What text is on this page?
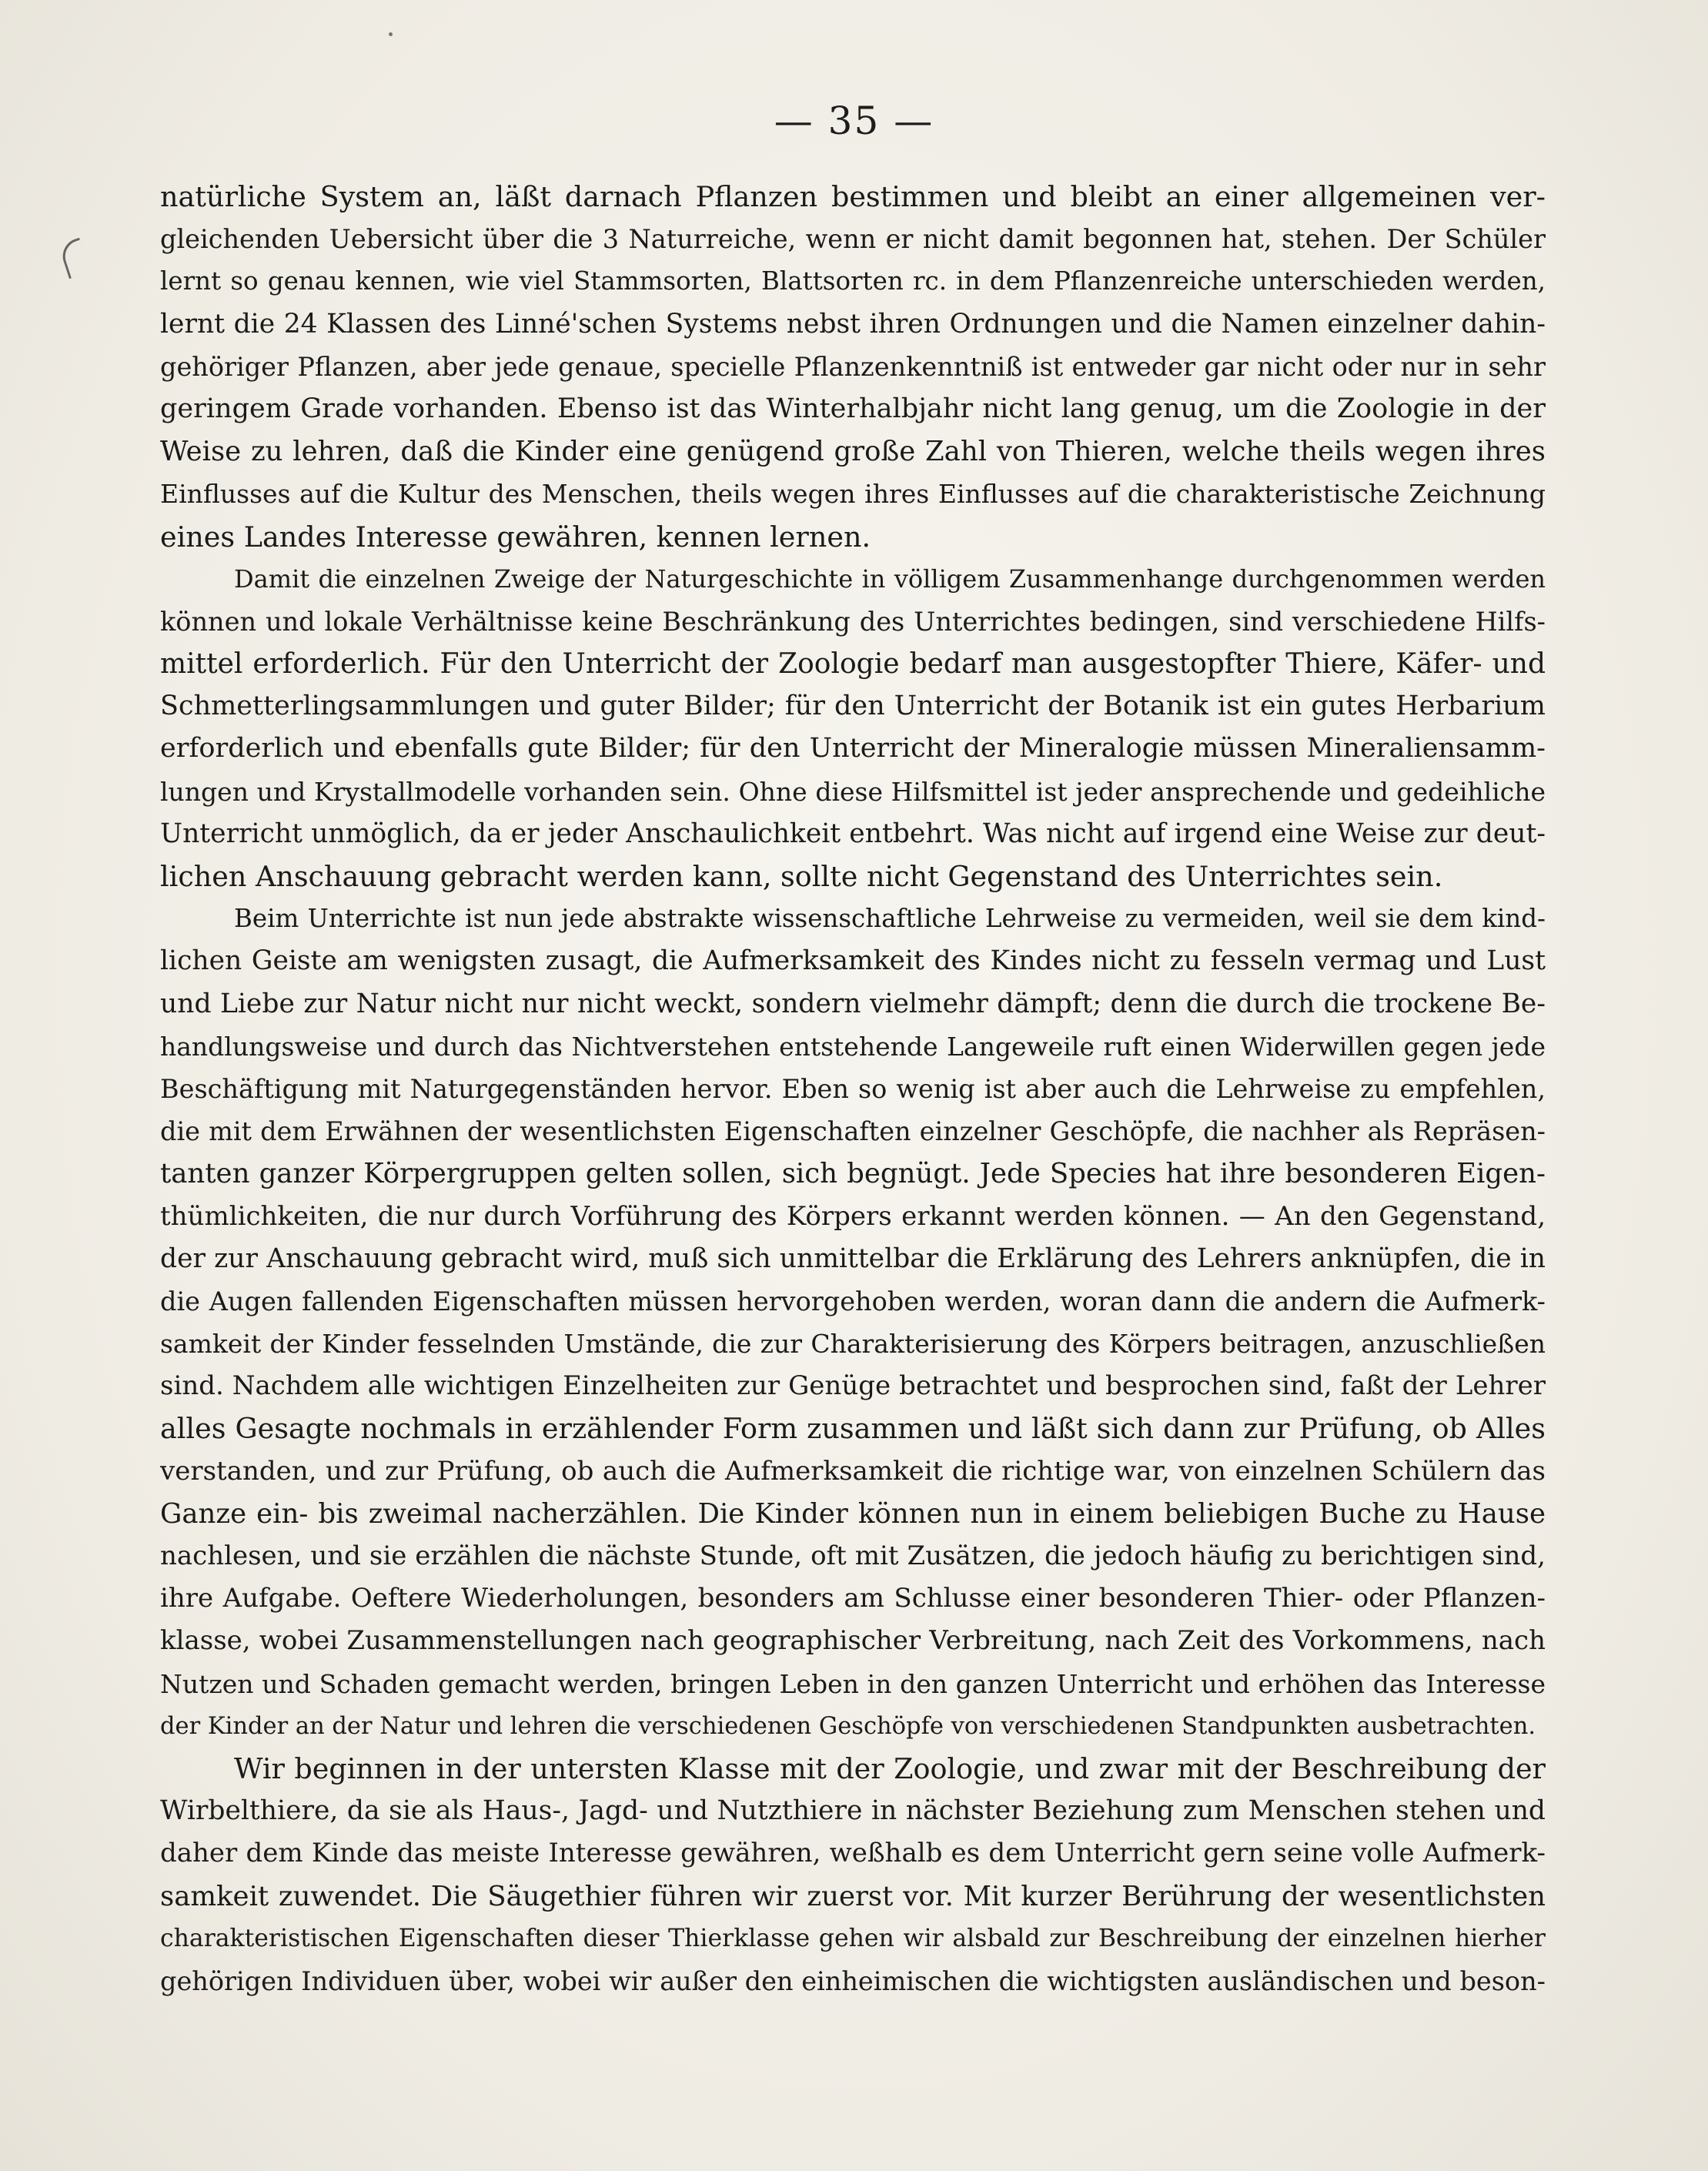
— 35 —
natürliche System an, läßt darnach Pflanzen bestimmen und bleibt an einer allgemeinen ver-
gleichenden Uebersicht über die 3 Naturreiche, wenn er nicht damit begonnen hat, stehen. Der Schüler
lernt so genau kennen, wie viel Stammsorten, Blattsorten rc. in dem Pflanzenreiche unterschieden werden,
lernt die 24 Klassen des Linné'schen Systems nebst ihren Ordnungen und die Namen einzelner dahin-
gehöriger Pflanzen, aber jede genaue, specielle Pflanzenkenntniß ist entweder gar nicht oder nur in sehr
geringem Grade vorhanden. Ebenso ist das Winterhalbjahr nicht lang genug, um die Zoologie in der
Weise zu lehren, daß die Kinder eine genügend große Zahl von Thieren, welche theils wegen ihres
Einflusses auf die Kultur des Menschen, theils wegen ihres Einflusses auf die charakteristische Zeichnung
eines Landes Interesse gewähren, kennen lernen.
Damit die einzelnen Zweige der Naturgeschichte in völligem Zusammenhange durchgenommen werden
können und lokale Verhältnisse keine Beschränkung des Unterrichtes bedingen, sind verschiedene Hilfs-
mittel erforderlich. Für den Unterricht der Zoologie bedarf man ausgestopfter Thiere, Käfer- und
Schmetterlingsammlungen und guter Bilder; für den Unterricht der Botanik ist ein gutes Herbarium
erforderlich und ebenfalls gute Bilder; für den Unterricht der Mineralogie müssen Mineraliensamm-
lungen und Krystallmodelle vorhanden sein. Ohne diese Hilfsmittel ist jeder ansprechende und gedeihliche
Unterricht unmöglich, da er jeder Anschaulichkeit entbehrt. Was nicht auf irgend eine Weise zur deut-
lichen Anschauung gebracht werden kann, sollte nicht Gegenstand des Unterrichtes sein.
Beim Unterrichte ist nun jede abstrakte wissenschaftliche Lehrweise zu vermeiden, weil sie dem kind-
lichen Geiste am wenigsten zusagt, die Aufmerksamkeit des Kindes nicht zu fesseln vermag und Lust
und Liebe zur Natur nicht nur nicht weckt, sondern vielmehr dämpft; denn die durch die trockene Be-
handlungsweise und durch das Nichtverstehen entstehende Langeweile ruft einen Widerwillen gegen jede
Beschäftigung mit Naturgegenständen hervor. Eben so wenig ist aber auch die Lehrweise zu empfehlen,
die mit dem Erwähnen der wesentlichsten Eigenschaften einzelner Geschöpfe, die nachher als Repräsen-
tanten ganzer Körpergruppen gelten sollen, sich begnügt. Jede Species hat ihre besonderen Eigen-
thümlichkeiten, die nur durch Vorführung des Körpers erkannt werden können. — An den Gegenstand,
der zur Anschauung gebracht wird, muß sich unmittelbar die Erklärung des Lehrers anknüpfen, die in
die Augen fallenden Eigenschaften müssen hervorgehoben werden, woran dann die andern die Aufmerk-
samkeit der Kinder fesselnden Umstände, die zur Charakterisierung des Körpers beitragen, anzuschließen
sind. Nachdem alle wichtigen Einzelheiten zur Genüge betrachtet und besprochen sind, faßt der Lehrer
alles Gesagte nochmals in erzählender Form zusammen und läßt sich dann zur Prüfung, ob Alles
verstanden, und zur Prüfung, ob auch die Aufmerksamkeit die richtige war, von einzelnen Schülern das
Ganze ein- bis zweimal nacherzählen. Die Kinder können nun in einem beliebigen Buche zu Hause
nachlesen, und sie erzählen die nächste Stunde, oft mit Zusätzen, die jedoch häufig zu berichtigen sind,
ihre Aufgabe. Oeftere Wiederholungen, besonders am Schlusse einer besonderen Thier- oder Pflanzen-
klasse, wobei Zusammenstellungen nach geographischer Verbreitung, nach Zeit des Vorkommens, nach
Nutzen und Schaden gemacht werden, bringen Leben in den ganzen Unterricht und erhöhen das Interesse
der Kinder an der Natur und lehren die verschiedenen Geschöpfe von verschiedenen Standpunkten ausbetrachten.
Wir beginnen in der untersten Klasse mit der Zoologie, und zwar mit der Beschreibung der
Wirbelthiere, da sie als Haus-, Jagd- und Nutzthiere in nächster Beziehung zum Menschen stehen und
daher dem Kinde das meiste Interesse gewähren, weßhalb es dem Unterricht gern seine volle Aufmerk-
samkeit zuwendet. Die Säugethier führen wir zuerst vor. Mit kurzer Berührung der wesentlichsten
charakteristischen Eigenschaften dieser Thierklasse gehen wir alsbald zur Beschreibung der einzelnen hierher
gehörigen Individuen über, wobei wir außer den einheimischen die wichtigsten ausländischen und beson-
